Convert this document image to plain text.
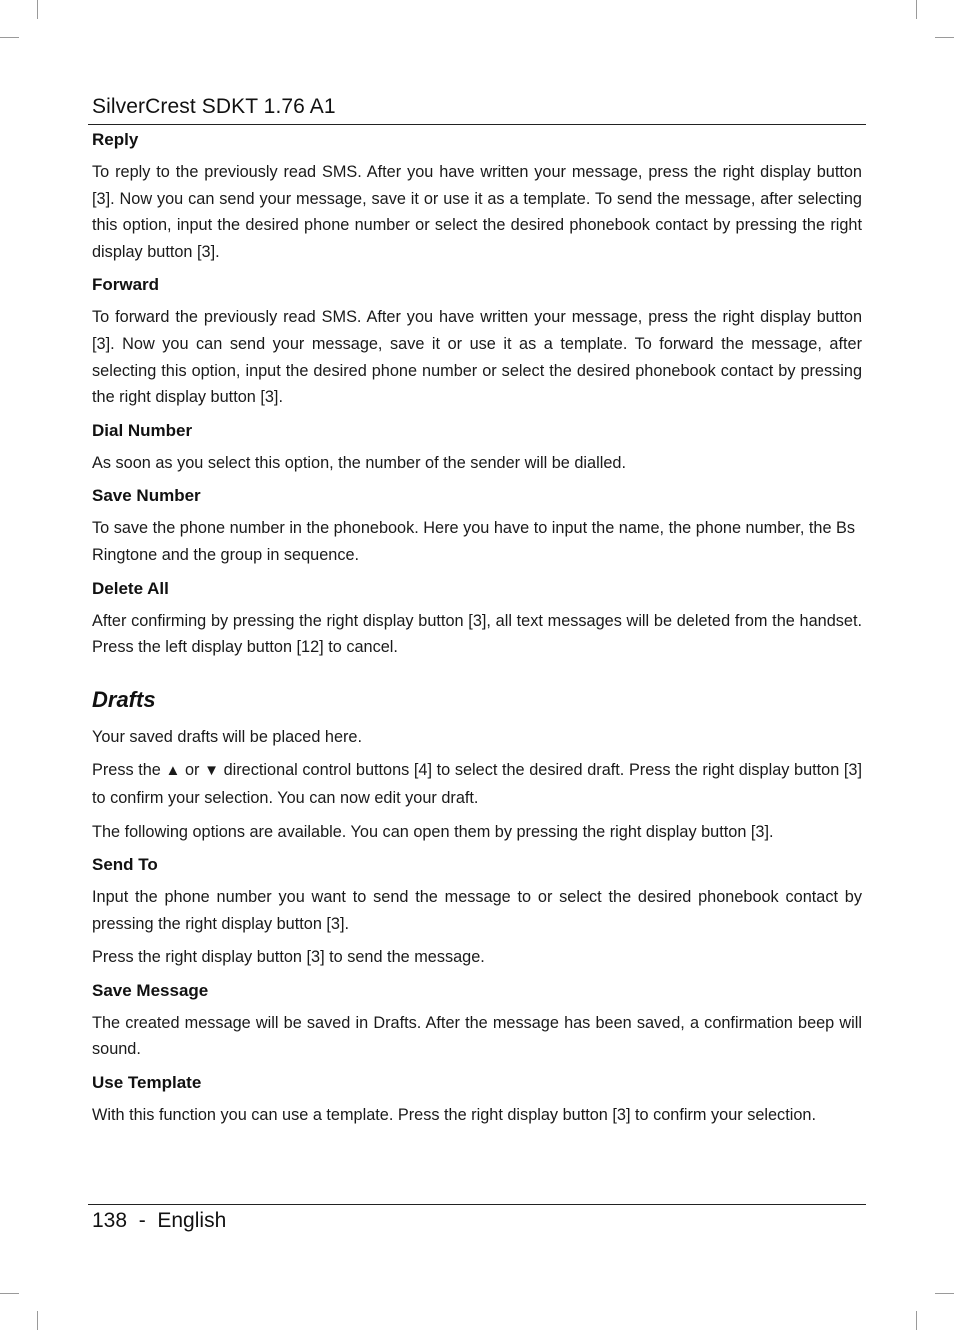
SilverCrest SDKT 1.76 A1
Reply
To reply to the previously read SMS. After you have written your message, press the right display button [3]. Now you can send your message, save it or use it as a template. To send the message, after selecting this option, input the desired phone number or select the desired phonebook contact by pressing the right display button [3].
Forward
To forward the previously read SMS. After you have written your message, press the right display button [3]. Now you can send your message, save it or use it as a template. To forward the message, after selecting this option, input the desired phone number or select the desired phonebook contact by pressing the right display button [3].
Dial Number
As soon as you select this option, the number of the sender will be dialled.
Save Number
To save the phone number in the phonebook. Here you have to input the name, the phone number, the Bs Ringtone and the group in sequence.
Delete All
After confirming by pressing the right display button [3], all text messages will be deleted from the handset. Press the left display button [12] to cancel.
Drafts
Your saved drafts will be placed here.
Press the ▲ or ▼ directional control buttons [4] to select the desired draft. Press the right display button [3] to confirm your selection. You can now edit your draft.
The following options are available. You can open them by pressing the right display button [3].
Send To
Input the phone number you want to send the message to or select the desired phonebook contact by pressing the right display button [3].
Press the right display button [3] to send the message.
Save Message
The created message will be saved in Drafts. After the message has been saved, a confirmation beep will sound.
Use Template
With this function you can use a template. Press the right display button [3] to confirm your selection.
138  -  English
